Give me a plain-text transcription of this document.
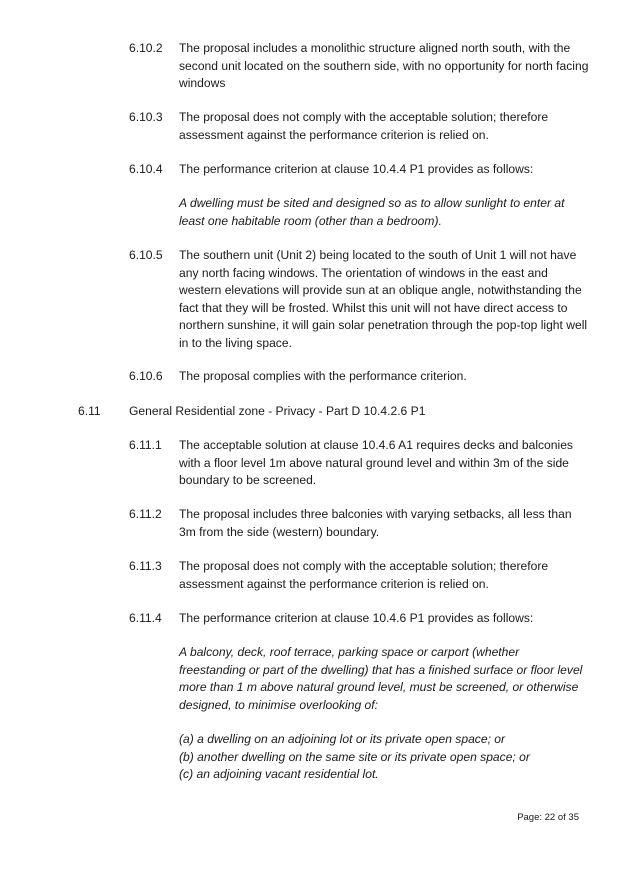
6.10.2	The proposal includes a monolithic structure aligned north south, with the second unit located on the southern side, with no opportunity for north facing windows

6.10.3	The proposal does not comply with the acceptable solution; therefore assessment against the performance criterion is relied on.

6.10.4	The performance criterion at clause 10.4.4 P1 provides as follows:

A dwelling must be sited and designed so as to allow sunlight to enter at least one habitable room (other than a bedroom).

6.10.5	The southern unit (Unit 2) being located to the south of Unit 1 will not have any north facing windows. The orientation of windows in the east and western elevations will provide sun at an oblique angle, notwithstanding the fact that they will be frosted. Whilst this unit will not have direct access to northern sunshine, it will gain solar penetration through the pop-top light well in to the living space.

6.10.6	The proposal complies with the performance criterion.

6.11 General Residential zone - Privacy - Part D 10.4.2.6 P1
6.11.1	The acceptable solution at clause 10.4.6 A1 requires decks and balconies with a floor level 1m above natural ground level and within 3m of the side boundary to be screened.

6.11.2	The proposal includes three balconies with varying setbacks, all less than 3m from the side (western) boundary.

6.11.3	The proposal does not comply with the acceptable solution; therefore assessment against the performance criterion is relied on.

6.11.4	The performance criterion at clause 10.4.6 P1 provides as follows:

A balcony, deck, roof terrace, parking space or carport (whether freestanding or part of the dwelling) that has a finished surface or floor level more than 1 m above natural ground level, must be screened, or otherwise designed, to minimise overlooking of:

(a) a dwelling on an adjoining lot or its private open space; or

(b) another dwelling on the same site or its private open space; or

(c) an adjoining vacant residential lot.

Page: 22 of 35
